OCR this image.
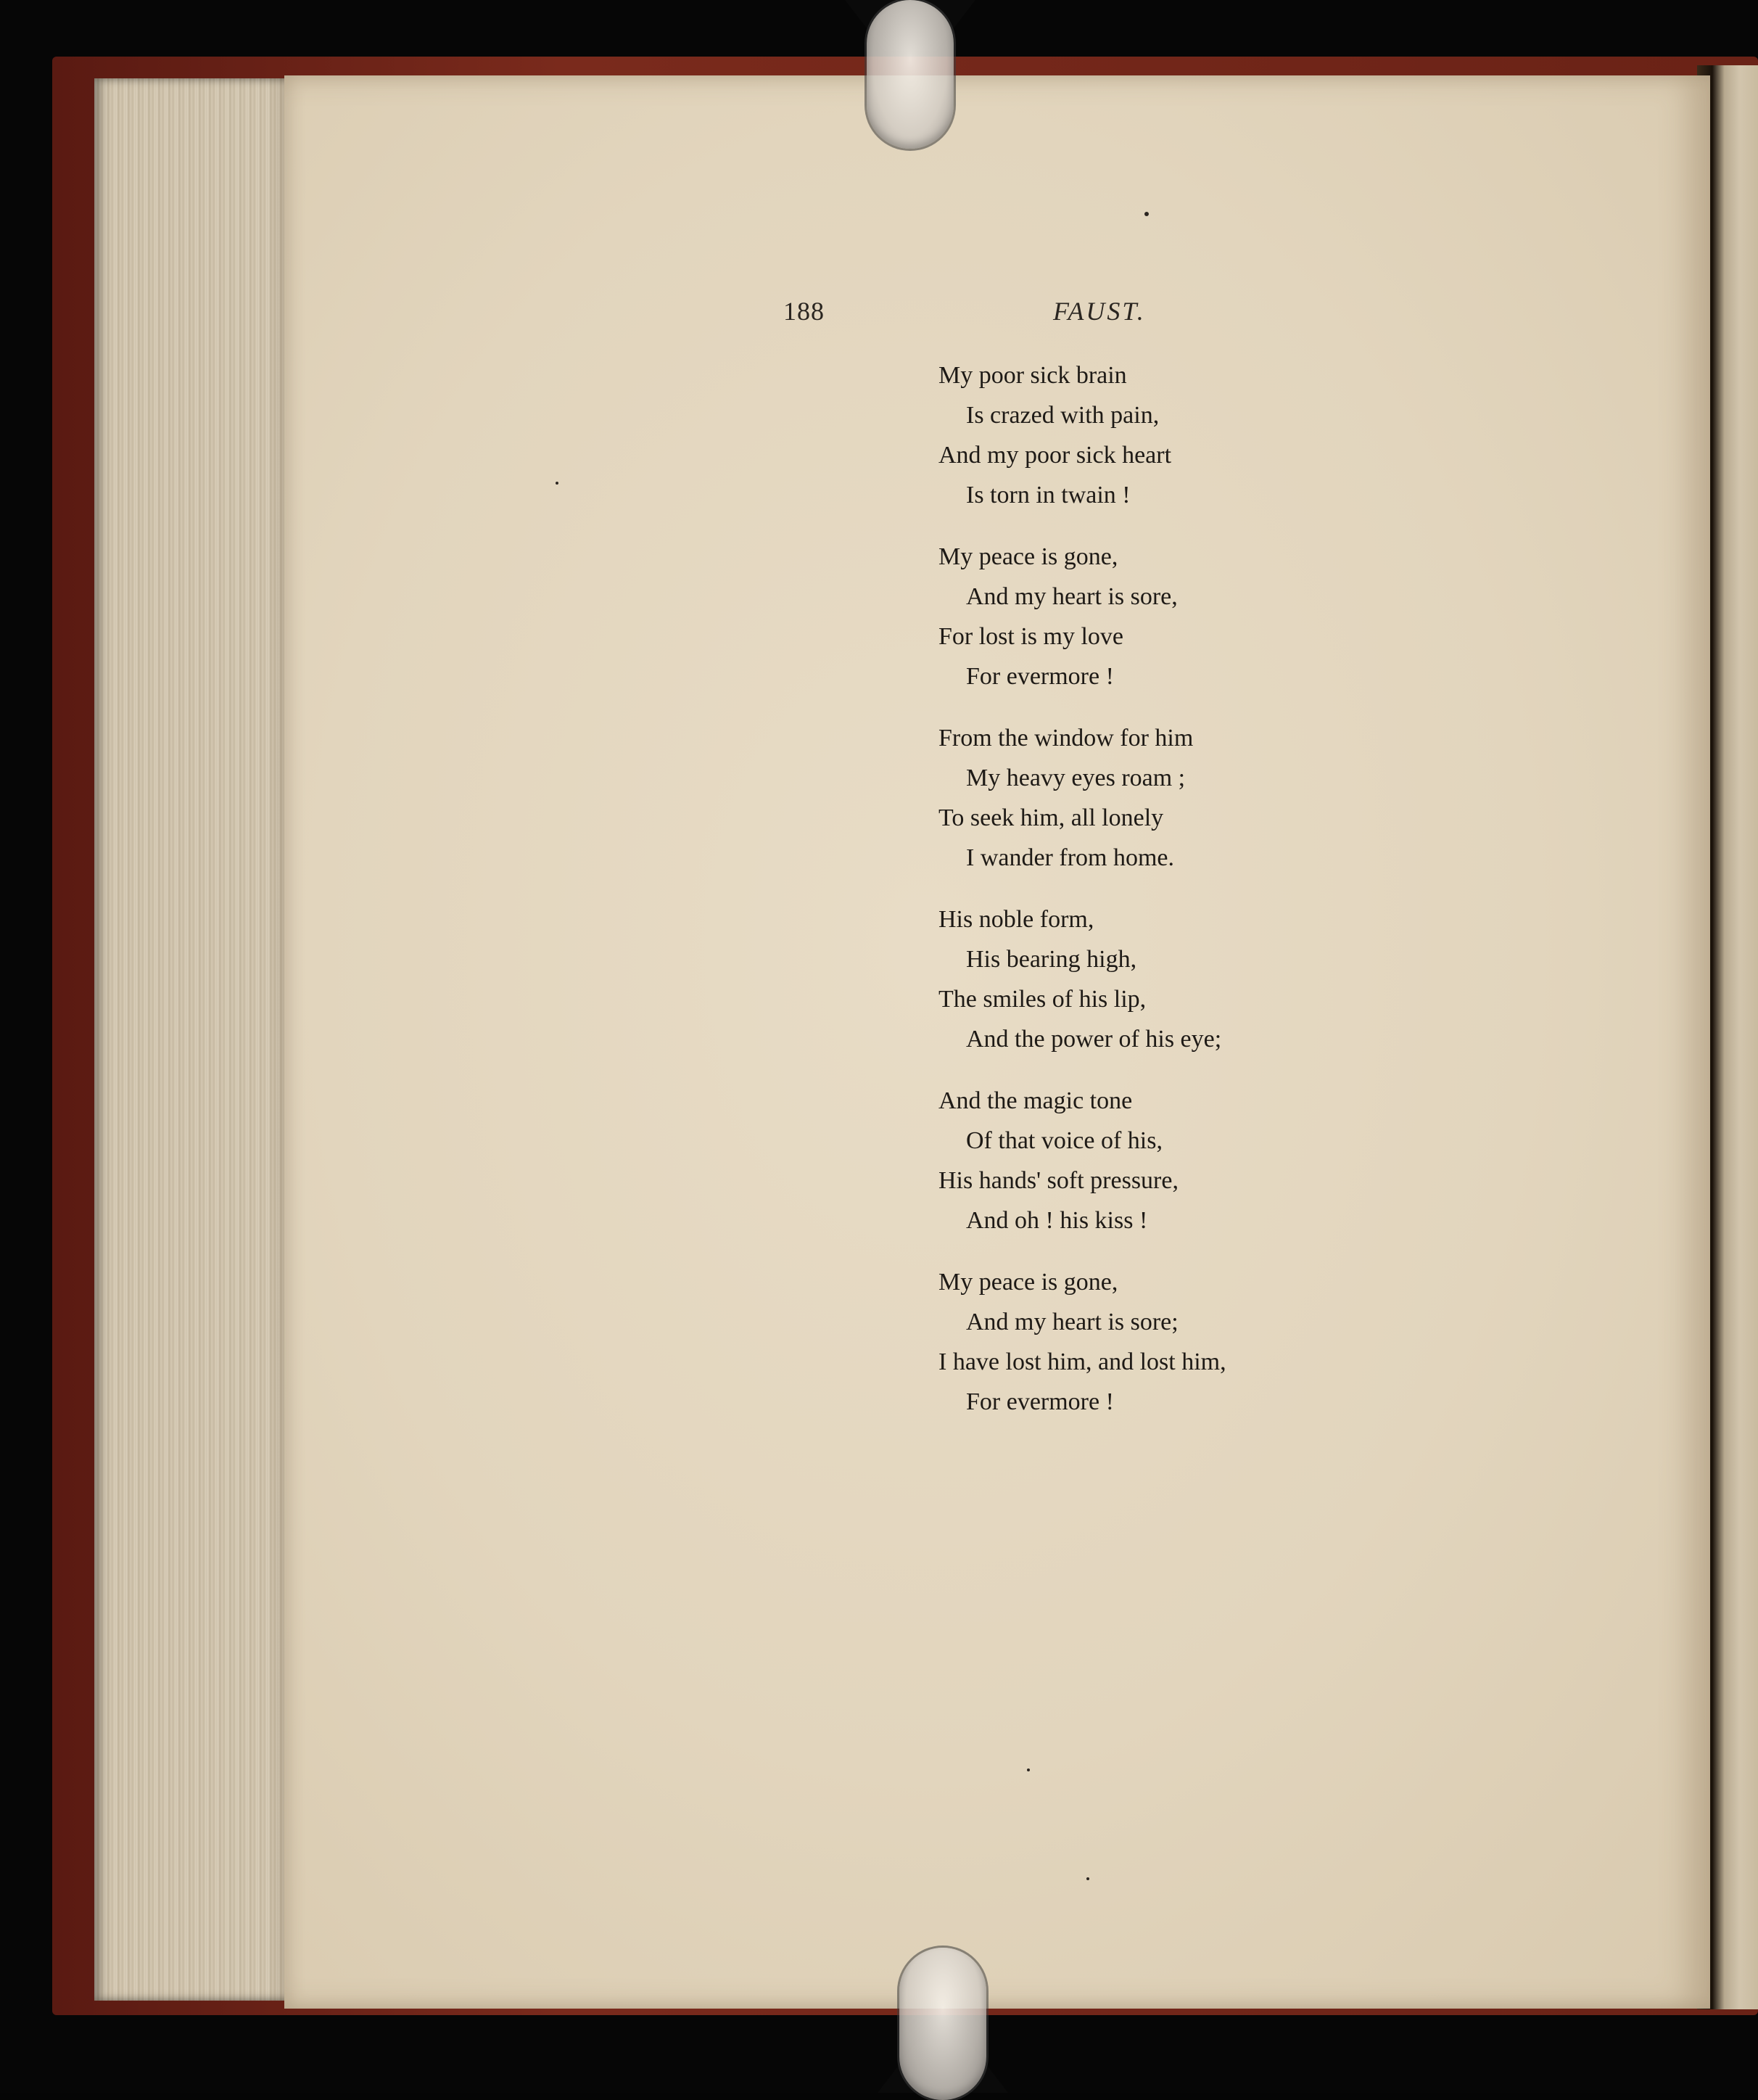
188	FAUST.
My poor sick brain
Is crazed with pain,
And my poor sick heart
Is torn in twain !
My peace is gone,
And my heart is sore,
For lost is my love
For evermore !
From the window for him
My heavy eyes roam ;
To seek him, all lonely
I wander from home.
His noble form,
His bearing high,
The smiles of his lip,
And the power of his eye;
And the magic tone
Of that voice of his,
His hands' soft pressure,
And oh ! his kiss !
My peace is gone,
And my heart is sore;
I have lost him, and lost him,
For evermore !
